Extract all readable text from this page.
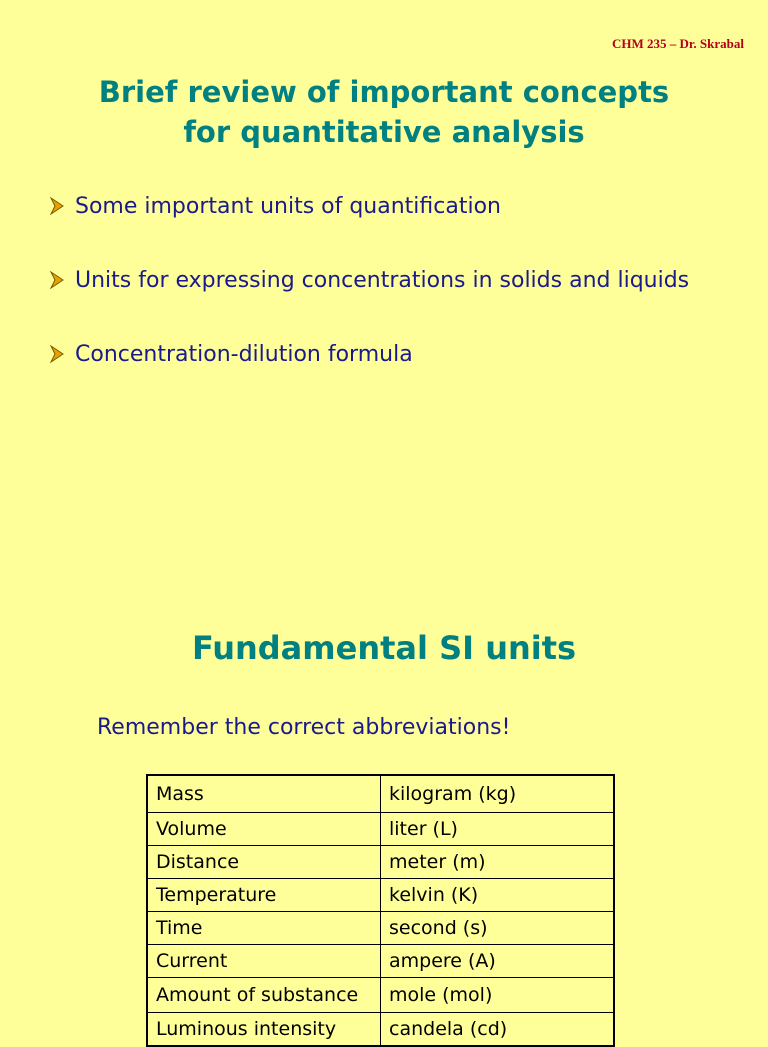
CHM 235 – Dr. Skrabal
Brief review of important concepts
for quantitative analysis
Some important units of quantification
Units for expressing concentrations in solids and liquids
Concentration-dilution formula
Fundamental SI units
Remember the correct abbreviations!
Mass	kilogram (kg)
Volume	liter (L)
Distance	meter (m)
Temperature	kelvin (K)
Time	second (s)
Current	ampere (A)
Amount of substance	mole (mol)
Luminous intensity	candela (cd)
